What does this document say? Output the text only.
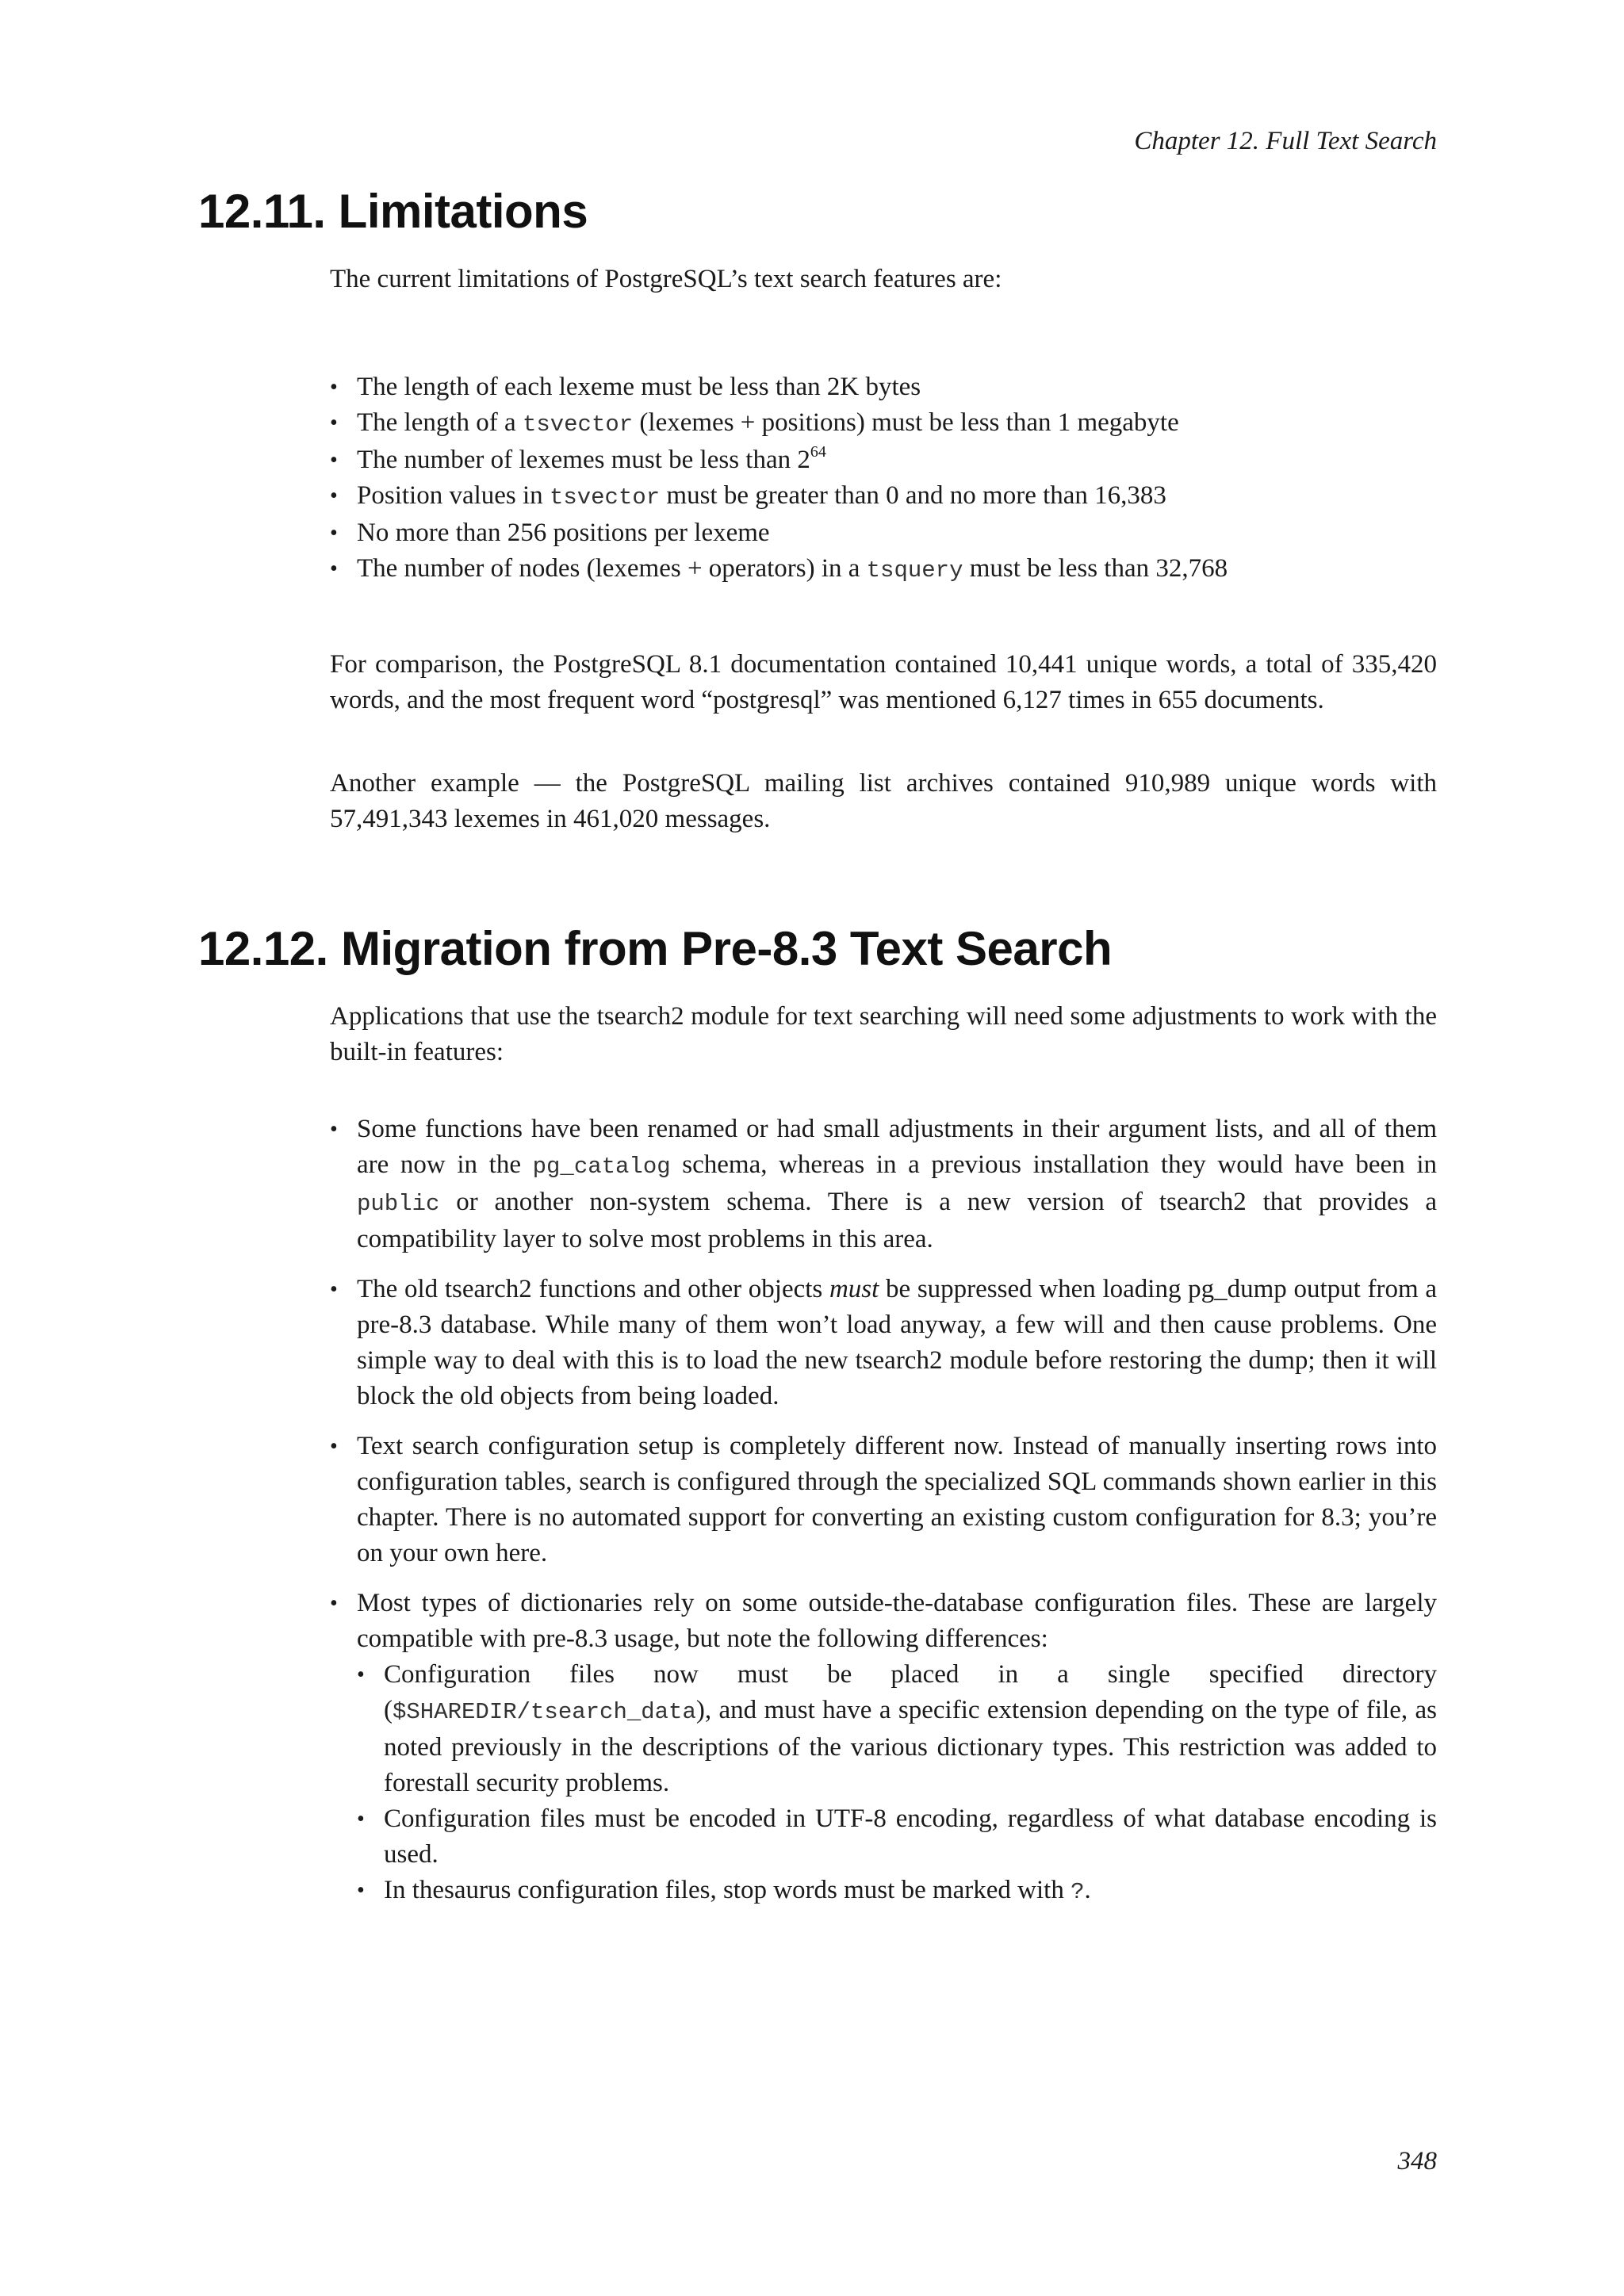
Chapter 12. Full Text Search
12.11. Limitations

The current limitations of PostgreSQL’s text search features are:

• The length of each lexeme must be less than 2K bytes
• The length of a tsvector (lexemes + positions) must be less than 1 megabyte
• The number of lexemes must be less than $2^{64}$
• Position values in tsvector must be greater than 0 and no more than 16,383
• No more than 256 positions per lexeme
• The number of nodes (lexemes + operators) in a tsquery must be less than 32,768

For comparison, the PostgreSQL 8.1 documentation contained 10,441 unique words, a total of 335,420 words, and the most frequent word “postgresql” was mentioned 6,127 times in 655 documents.

Another example — the PostgreSQL mailing list archives contained 910,989 unique words with 57,491,343 lexemes in 461,020 messages.

12.12. Migration from Pre-8.3 Text Search

Applications that use the tsearch2 module for text searching will need some adjustments to work with the built-in features:

• Some functions have been renamed or had small adjustments in their argument lists, and all of them are now in the pg_catalog schema, whereas in a previous installation they would have been in public or another non-system schema. There is a new version of tsearch2 that provides a compatibility layer to solve most problems in this area.
• The old tsearch2 functions and other objects must be suppressed when loading pg_dump output from a pre-8.3 database. While many of them won’t load anyway, a few will and then cause problems. One simple way to deal with this is to load the new tsearch2 module before restoring the dump; then it will block the old objects from being loaded.
• Text search configuration setup is completely different now. Instead of manually inserting rows into configuration tables, search is configured through the specialized SQL commands shown earlier in this chapter. There is no automated support for converting an existing custom configuration for 8.3; you’re on your own here.
• Most types of dictionaries rely on some outside-the-database configuration files. These are largely compatible with pre-8.3 usage, but note the following differences:
• Configuration files now must be placed in a single specified directory ($SHAREDIR/tsearch_data), and must have a specific extension depending on the type of file, as noted previously in the descriptions of the various dictionary types. This restriction was added to forestall security problems.
• Configuration files must be encoded in UTF-8 encoding, regardless of what database encoding is used.
• In thesaurus configuration files, stop words must be marked with ?.
348
